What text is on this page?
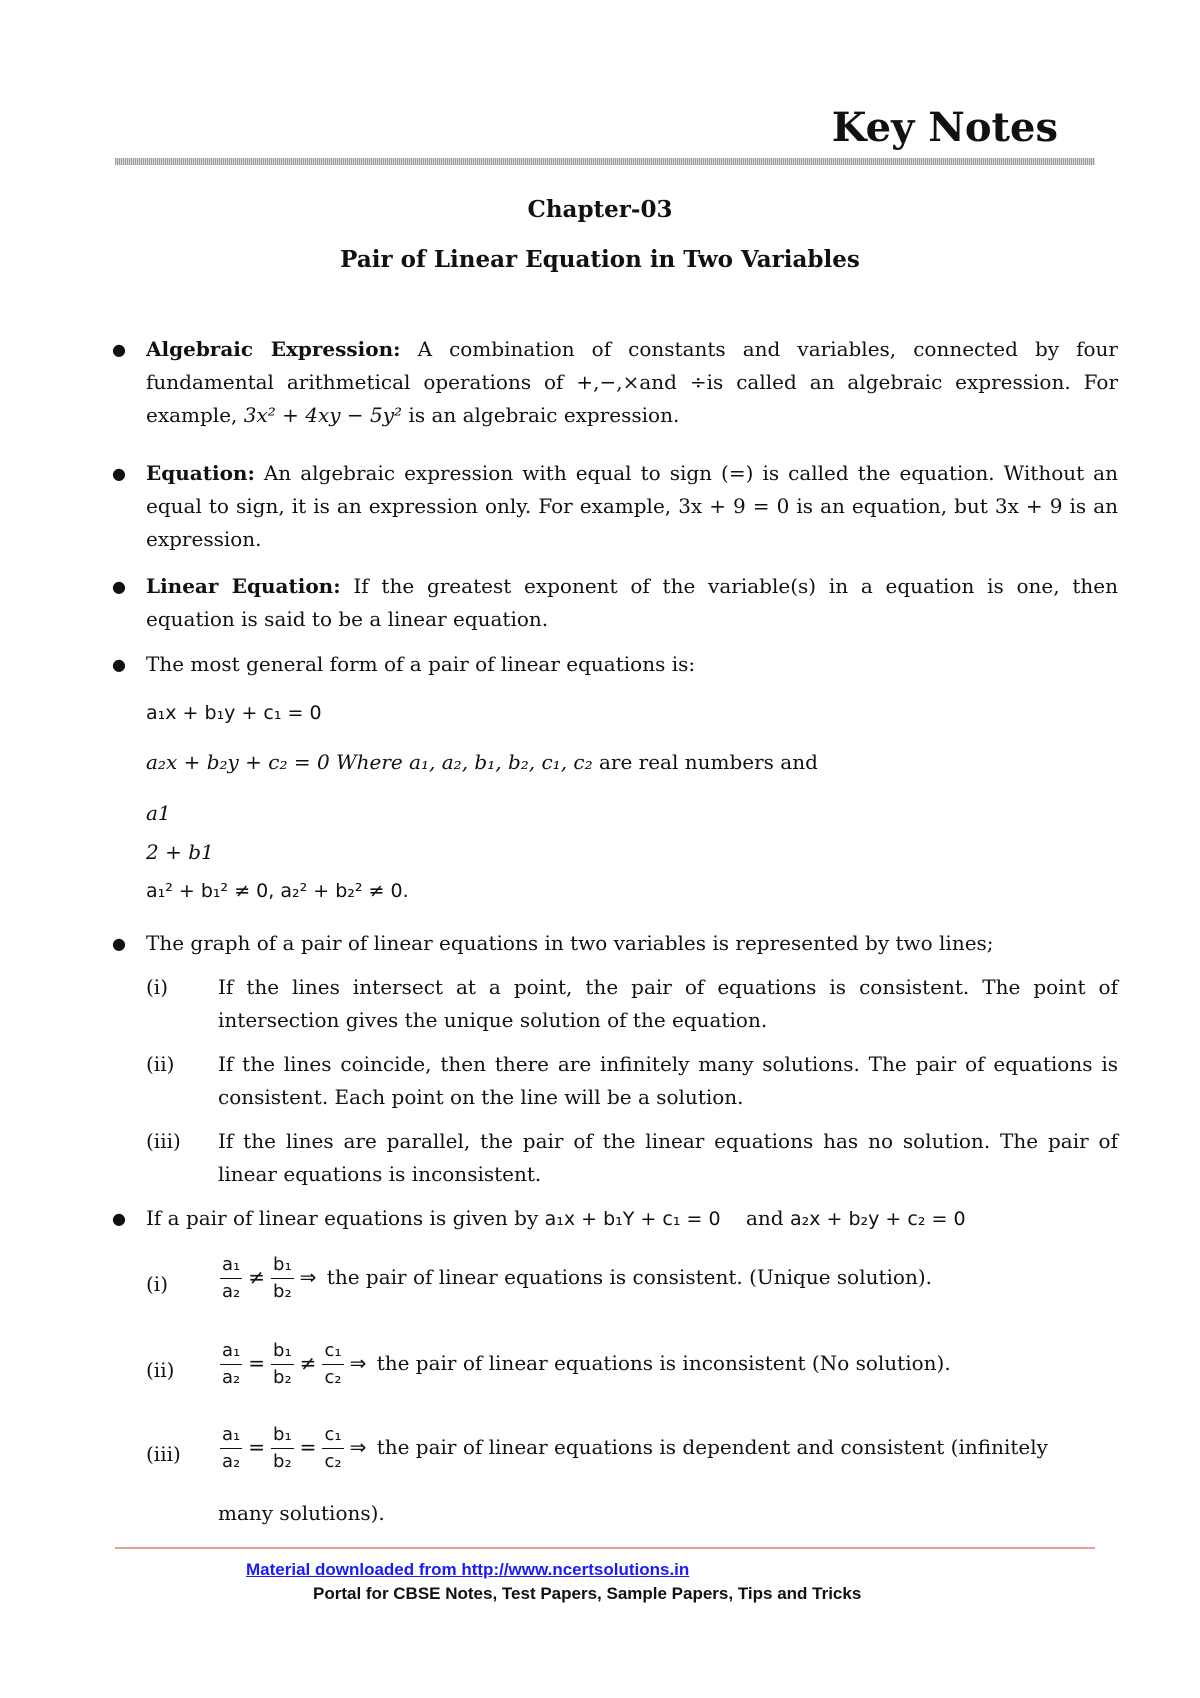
Key Notes
Chapter-03
Pair of Linear Equation in Two Variables
● Algebraic Expression: A combination of constants and variables, connected by four fundamental arithmetical operations of +,−,×and ÷is called an algebraic expression. For example, 3x² + 4xy − 5y² is an algebraic expression.
● Equation: An algebraic expression with equal to sign (=) is called the equation. Without an equal to sign, it is an expression only. For example, 3x + 9 = 0 is an equation, but 3x + 9 is an expression.
● Linear Equation: If the greatest exponent of the variable(s) in a equation is one, then equation is said to be a linear equation.
● The most general form of a pair of linear equations is:
a₁x + b₁y + c₁ = 0
a₂x + b₂y + c₂ = 0 Where a₁, a₂, b₁, b₂, c₁, c₂ are real numbers and
a1
2 + b1
a₁² + b₁² ≠ 0, a₂² + b₂² ≠ 0.
● The graph of a pair of linear equations in two variables is represented by two lines;
(i) If the lines intersect at a point, the pair of equations is consistent. The point of intersection gives the unique solution of the equation.
(ii) If the lines coincide, then there are infinitely many solutions. The pair of equations is consistent. Each point on the line will be a solution.
(iii) If the lines are parallel, the pair of the linear equations has no solution. The pair of linear equations is inconsistent.
● If a pair of linear equations is given by a₁x + b₁Y + c₁ = 0 and a₂x + b₂y + c₂ = 0
(i)	$\frac{\text{a₁}}{\text{a₂}} \ne \frac{\text{b₁}}{\text{b₂}}$ ⇒ the pair of linear equations is consistent. (Unique solution).
(ii)	$\frac{\text{a₁}}{\text{a₂}} = \frac{\text{b₁}}{\text{b₂}} \ne \frac{\text{c₁}}{\text{c₂}}$ ⇒ the pair of linear equations is inconsistent (No solution).
$(iii) \frac{\text{a₁}}{\text{a₂}} = \frac{\text{b₁}}{\text{b₂}} = \frac{\text{c₁}}{\text{c₂}}$ ⇒ the pair of linear equations is dependent and consistent (infinitely
many solutions).
Material downloaded from http://www.ncertsolutions.in
Portal for CBSE Notes, Test Papers, Sample Papers, Tips and Tricks
